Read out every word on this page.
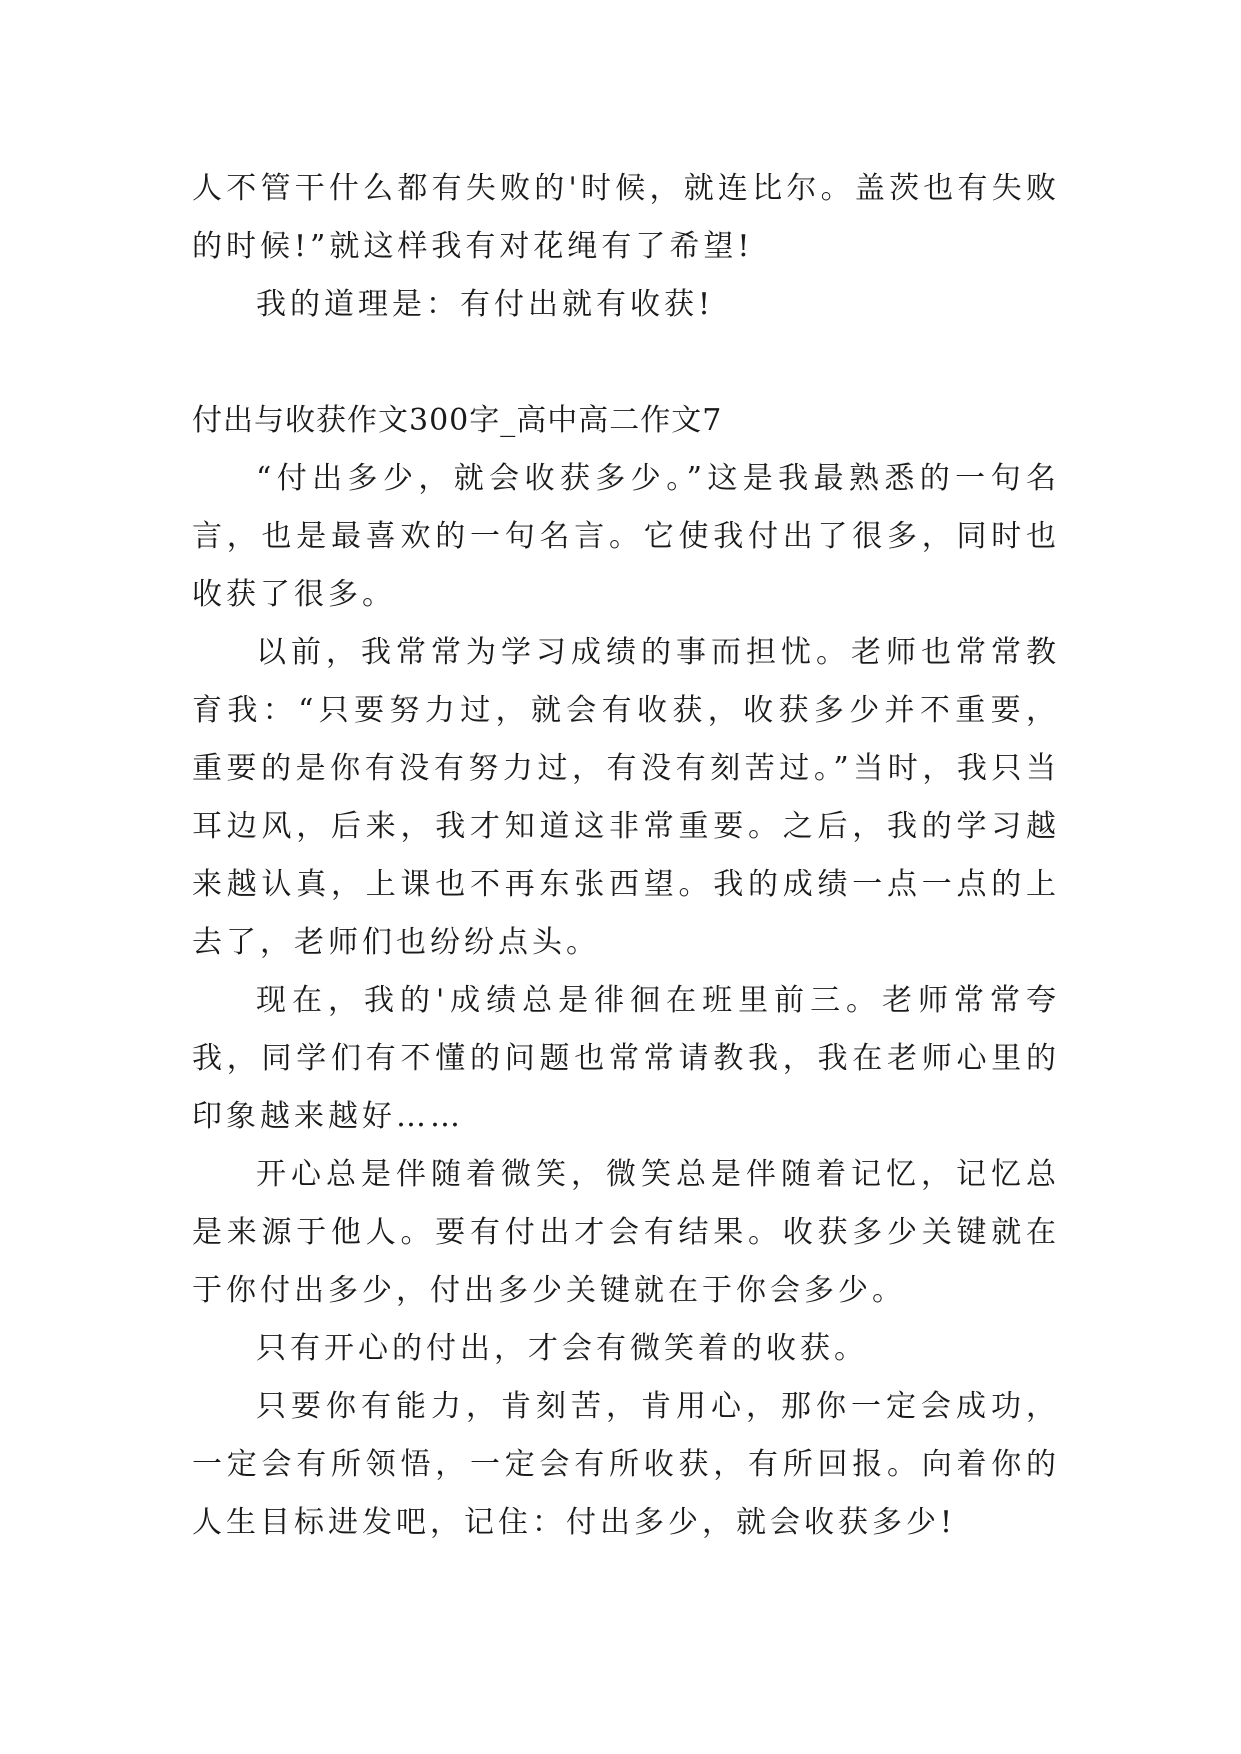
人不管干什么都有失败的'时候，就连比尔。盖茨也有失败的时候!”就这样我有对花绳有了希望!

我的道理是：有付出就有收获!

付出与收获作文300字_高中高二作文7

“付出多少，就会收获多少。”这是我最熟悉的一句名言，也是最喜欢的一句名言。它使我付出了很多，同时也收获了很多。

以前，我常常为学习成绩的事而担忧。老师也常常教育我：“只要努力过，就会有收获，收获多少并不重要，重要的是你有没有努力过，有没有刻苦过。”当时，我只当耳边风，后来，我才知道这非常重要。之后，我的学习越来越认真，上课也不再东张西望。我的成绩一点一点的上去了，老师们也纷纷点头。

现在，我的'成绩总是徘徊在班里前三。老师常常夸我，同学们有不懂的问题也常常请教我，我在老师心里的印象越来越好……

开心总是伴随着微笑，微笑总是伴随着记忆，记忆总是来源于他人。要有付出才会有结果。收获多少关键就在于你付出多少，付出多少关键就在于你会多少。

只有开心的付出，才会有微笑着的收获。

只要你有能力，肯刻苦，肯用心，那你一定会成功，一定会有所领悟，一定会有所收获，有所回报。向着你的人生目标进发吧，记住：付出多少，就会收获多少!
